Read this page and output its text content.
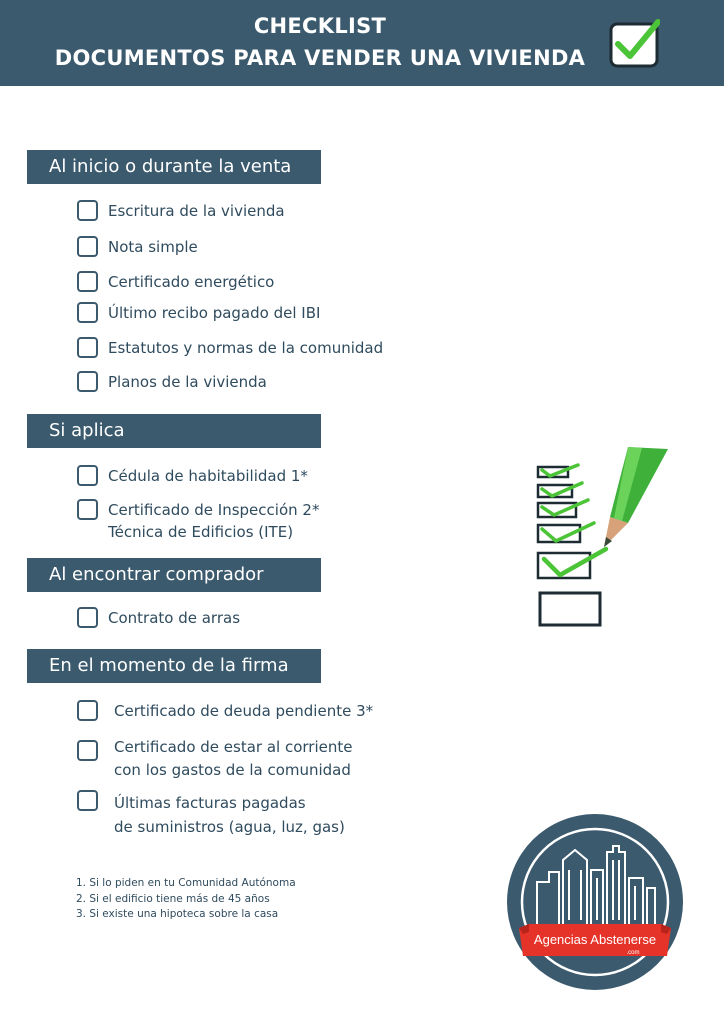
CHECKLIST
DOCUMENTOS PARA VENDER UNA VIVIENDA
Al inicio o durante la venta
Escritura de la vivienda
Nota simple
Certificado energético
Último recibo pagado del IBI
Estatutos y normas de la comunidad
Planos de la vivienda
Si aplica
Cédula de habitabilidad 1*
Certificado de Inspección 2*
Técnica de Edificios (ITE)
Al encontrar comprador
Contrato de arras
En el momento de la firma
Certificado de deuda pendiente 3*
Certificado de estar al corriente
con los gastos de la comunidad
Últimas facturas pagadas
de suministros (agua, luz, gas)
1. Si lo piden en tu Comunidad Autónoma
2. Si el edificio tiene más de 45 años
3. Si existe una hipoteca sobre la casa
Agencias Abstenerse
.com
